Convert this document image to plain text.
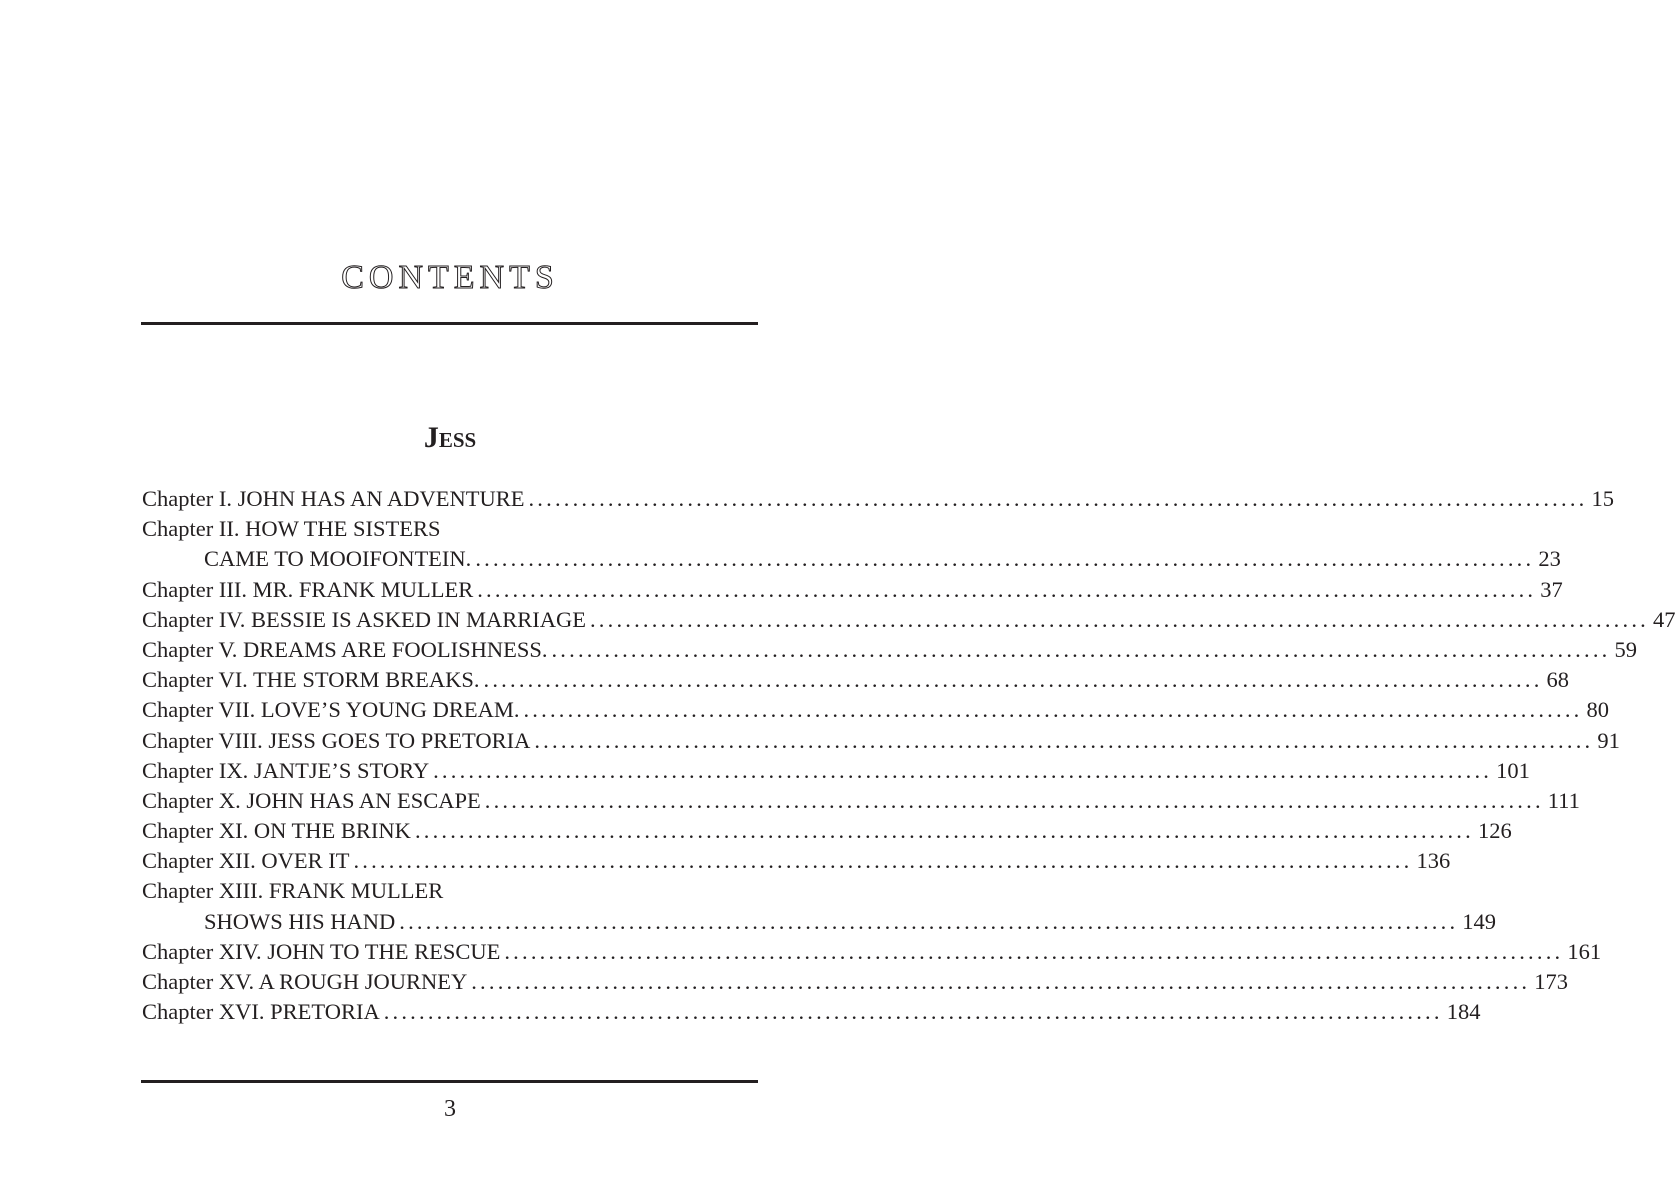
CONTENTS
Jess
Chapter I. JOHN HAS AN ADVENTURE ........................................................................................................................ 15
Chapter II. HOW THE SISTERS
CAME TO MOOIFONTEIN. ........................................................................................................................ 23
Chapter III. MR. FRANK MULLER ........................................................................................................................ 37
Chapter IV. BESSIE IS ASKED IN MARRIAGE ........................................................................................................................ 47
Chapter V. DREAMS ARE FOOLISHNESS. ........................................................................................................................ 59
Chapter VI. THE STORM BREAKS. ........................................................................................................................ 68
Chapter VII. LOVE’S YOUNG DREAM. ........................................................................................................................ 80
Chapter VIII. JESS GOES TO PRETORIA ........................................................................................................................ 91
Chapter IX. JANTJE’S STORY ........................................................................................................................ 101
Chapter X. JOHN HAS AN ESCAPE ........................................................................................................................ 111
Chapter XI. ON THE BRINK ........................................................................................................................ 126
Chapter XII. OVER IT ........................................................................................................................ 136
Chapter XIII. FRANK MULLER
SHOWS HIS HAND ........................................................................................................................ 149
Chapter XIV. JOHN TO THE RESCUE ........................................................................................................................ 161
Chapter XV. A ROUGH JOURNEY ........................................................................................................................ 173
Chapter XVI. PRETORIA ........................................................................................................................ 184
3
